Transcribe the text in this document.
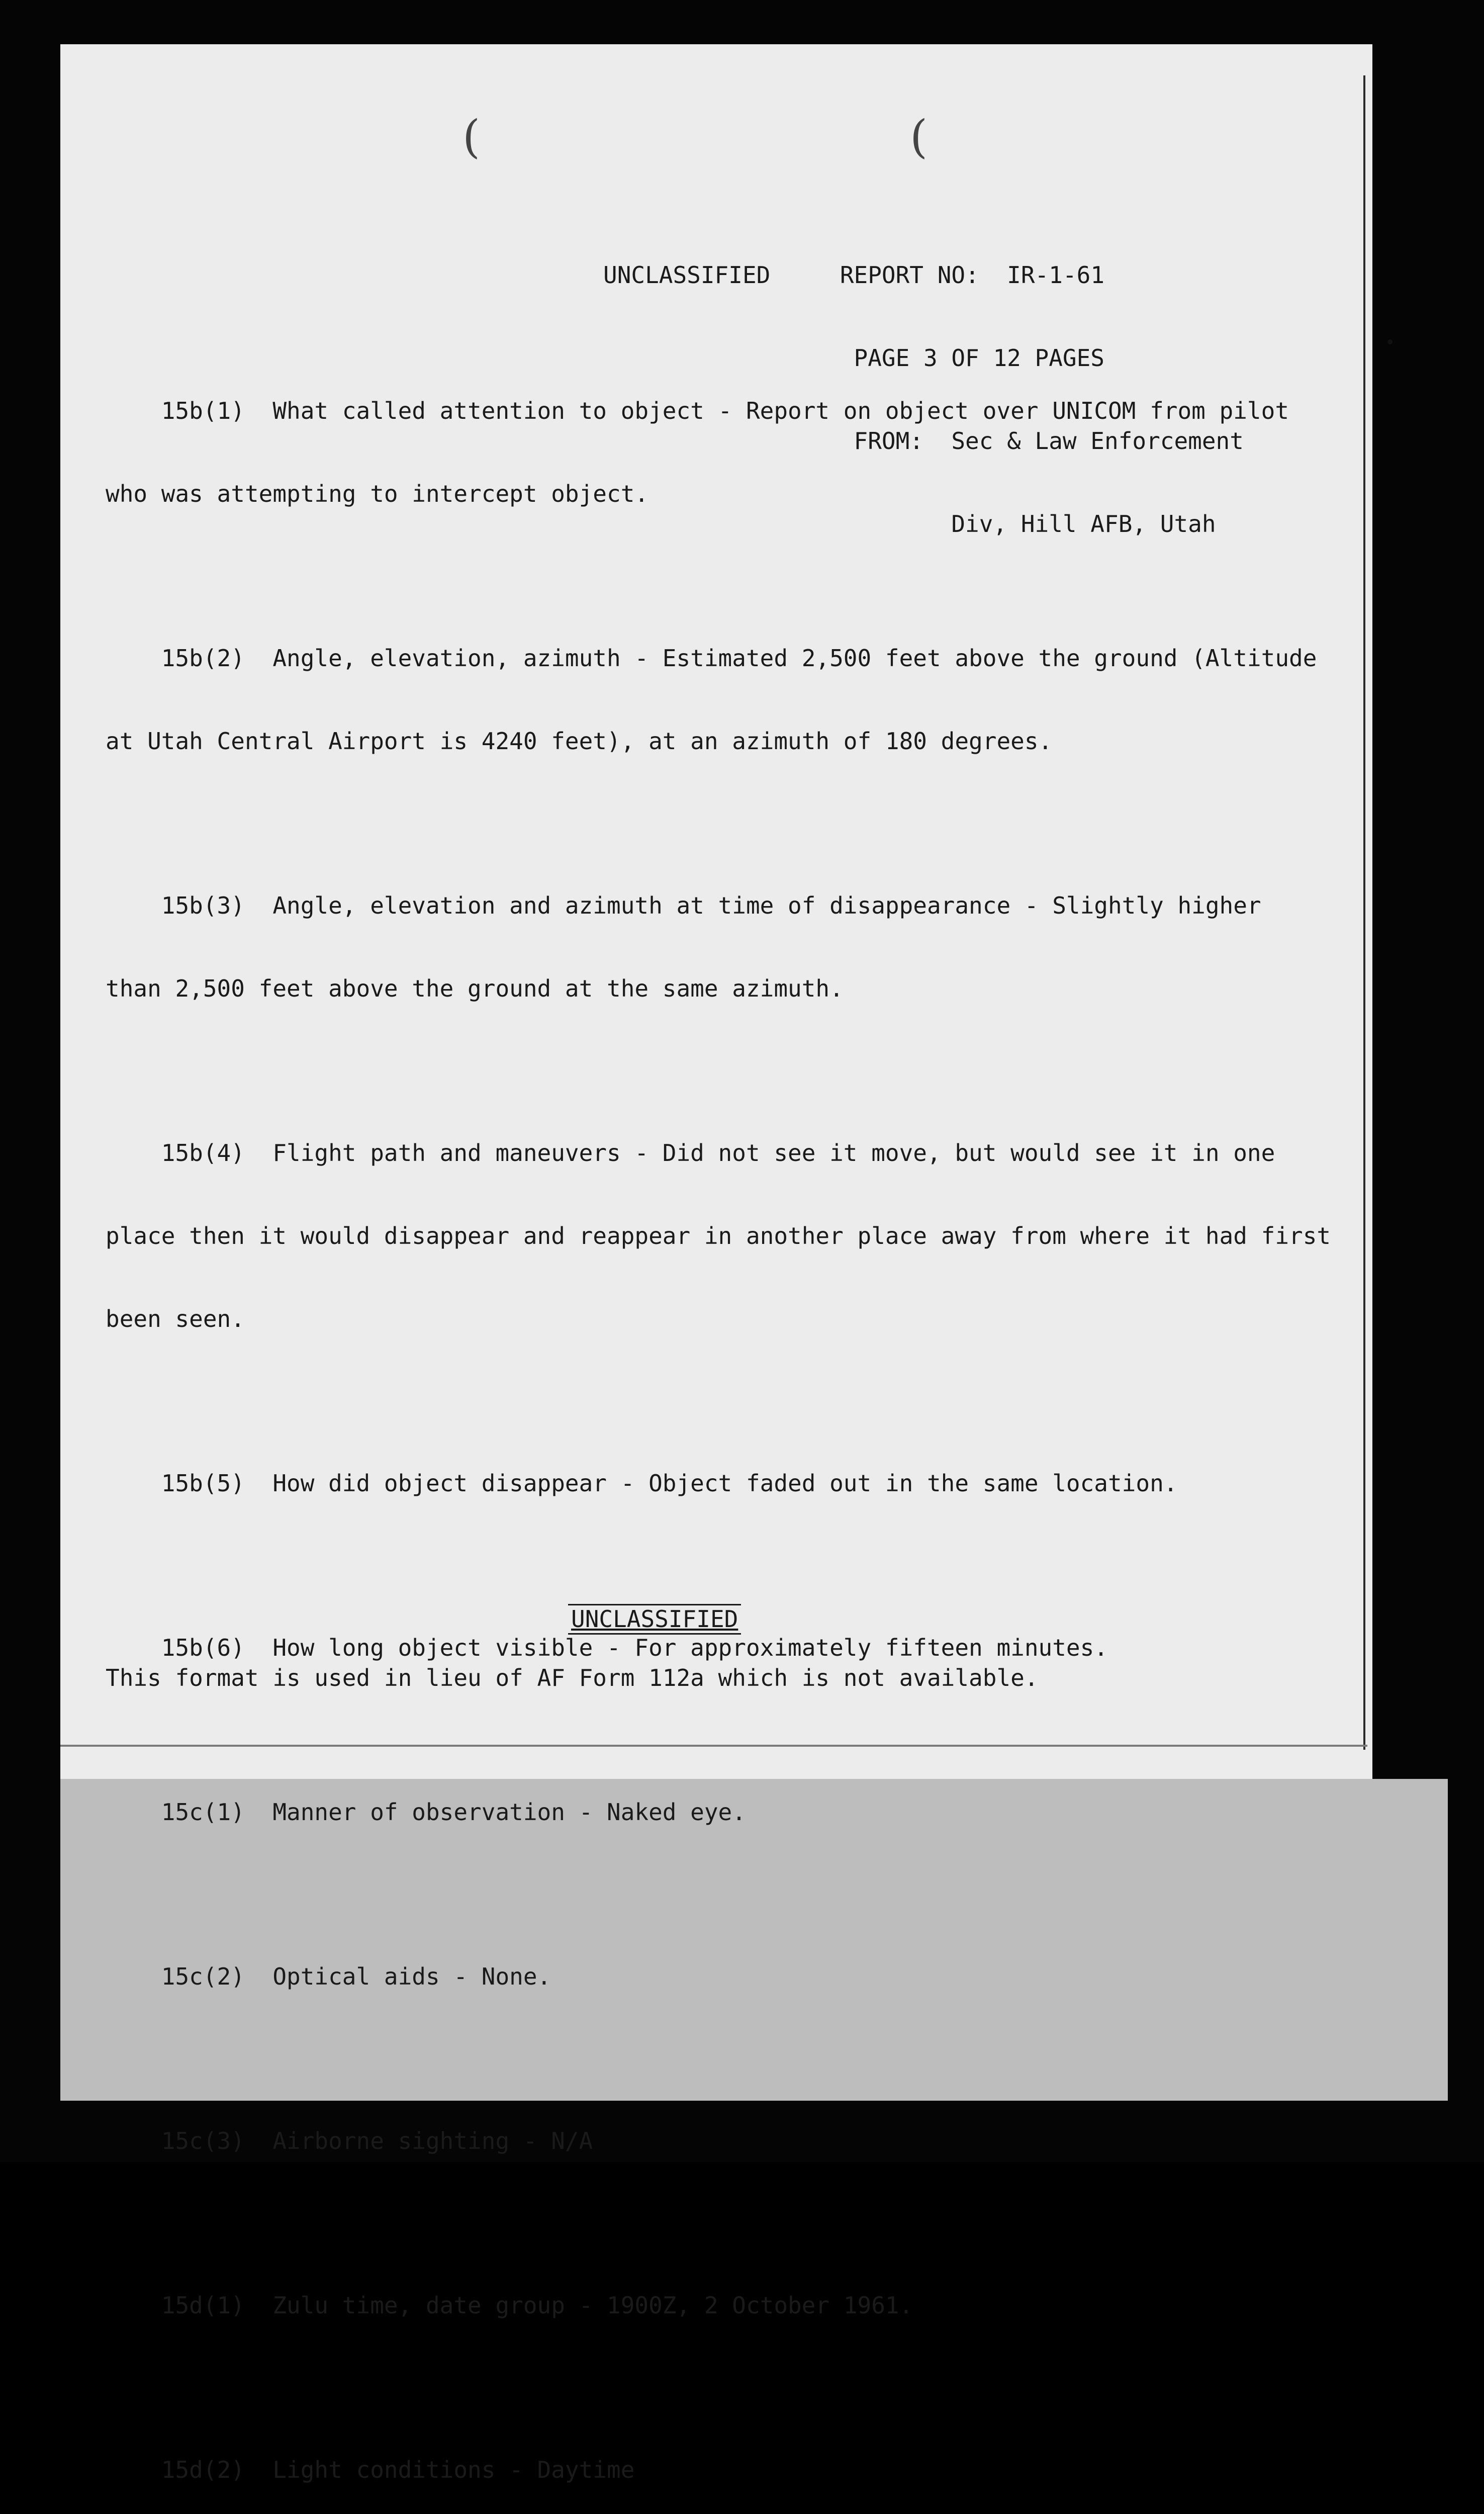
(	(

UNCLASSIFIED	REPORT NO:  IR-1-61

PAGE 3 OF 12 PAGES

FROM:  Sec & Law Enforcement

Div, Hill AFB, Utah

15b(1)  What called attention to object - Report on object over UNICOM from pilot

who was attempting to intercept object.

15b(2)  Angle, elevation, azimuth - Estimated 2,500 feet above the ground (Altitude

at Utah Central Airport is 4240 feet), at an azimuth of 180 degrees.

15b(3)  Angle, elevation and azimuth at time of disappearance - Slightly higher

than 2,500 feet above the ground at the same azimuth.

15b(4)  Flight path and maneuvers - Did not see it move, but would see it in one

place then it would disappear and reappear in another place away from where it had first

been seen.

15b(5)  How did object disappear - Object faded out in the same location.

15b(6)  How long object visible - For approximately fifteen minutes.

15c(1)  Manner of observation - Naked eye.

15c(2)  Optical aids - None.

15c(3)  Airborne sighting - N/A

15d(1)  Zulu time, date group - 1900Z, 2 October 1961.

15d(2)  Light conditions - Daytime

UNCLASSIFIED
This format is used in lieu of AF Form 112a which is not available.
